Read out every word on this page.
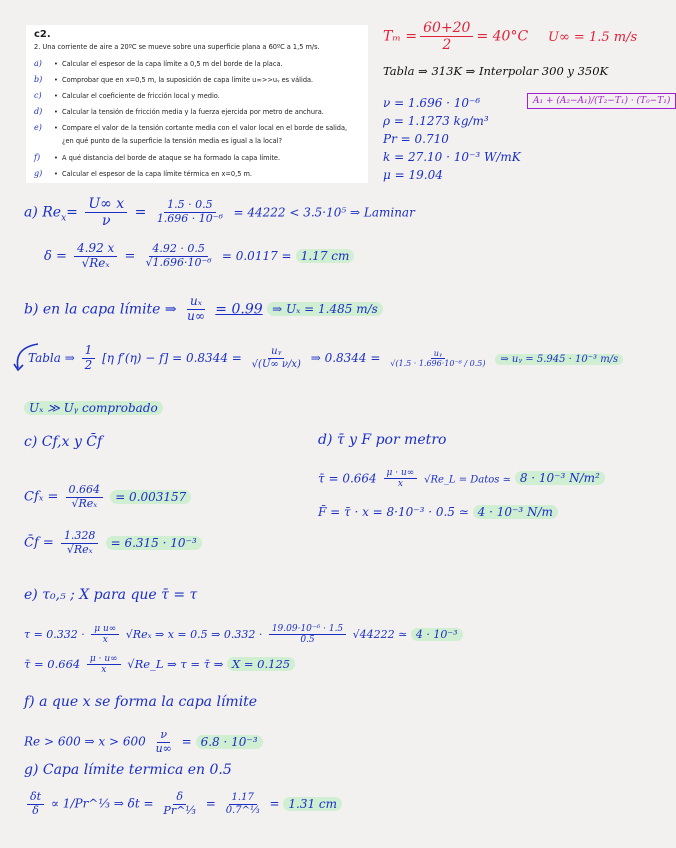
c2.
2. Una corriente de aire a 20ºC se mueve sobre una superficie plana a 60ºC a 1,5 m/s.
a) • Calcular el espesor de la capa límite a 0,5 m del borde de la placa.
b) • Comprobar que en x=0,5 m, la suposición de capa límite u∞>>uᵧ es válida.
c) • Calcular el coeficiente de fricción local y medio.
d) • Calcular la tensión de fricción media y la fuerza ejercida por metro de anchura.
e) • Compare el valor de la tensión cortante media con el valor local en el borde de salida,
¿en qué punto de la superficie la tensión media es igual a la local?
f) • A qué distancia del borde de ataque se ha formado la capa límite.
g) • Calcular el espesor de la capa límite térmica en x=0,5 m.
$T_m = \frac{60+20}{2} = 40^\circ C$ U∞ = 1.5 m/s
Tabla ⇒ 313K ⇒ Interpolar 300 y 350K
ν = 1.696 · 10⁻⁶
ρ = 1.1273 kg/m³
Pr = 0.710
k = 27.10 · 10⁻³ W/mK
μ = 19.04
A₁ + (A₂−A₁)/(T₂−T₁) · (T₀−T₁)
a) $Re_x= \frac{U\infty x}{\nu} = \frac{1.5 \cdot 0.5}{\text{1.696 · 10⁻⁶}} = 44222 < 3.5\cdot 10^5$ ⇒ Laminar
$\delta = \frac{4.92 x}{\text{√Reₓ}} = \frac{4.92 \cdot 0.5}{\text{√1.696·10⁻⁶}} = 0.0117 = 1.17$ cm
b) en la capa límite ⇒ $\frac{\text{uₓ}}{u\infty} = 0.99$ ⇒ Uₓ = 1.485 m/s
Tabla ⇒ $\frac{1}{2} [\eta$ $f'(\eta) - f] = 0.8344 = \frac{\text{uᵧ}}{√(U\infty \nu/x)}$ ⇒ $0.8344 = \frac{\text{uᵧ}}{\text{√(1.5 · 1.696·10⁻⁶ / 0.5)}}$ ⇒ uᵧ = 5.945 · 10⁻³ m/s
Uₓ ≫ Uᵧ comprobado
c) Cf,x y C̄f
$Cf_x = \frac{0.664}{\text{√Reₓ}} = 0.003157$
C̄f = $\frac{1.328}{\text{√Reₓ}} = 6.315 \cdot 10^{-3}$
d) τ̄ y F por metro
τ̄ = $0.664 \frac{\mu \cdot u\infty}{x}$ √Re_L = Datos ≃ 8 · 10⁻³ N/m²
F̄ = τ̄ · x = 8·10⁻³ · 0.5 ≃ 4 · 10⁻³ N/m
e) τ₀,₅ ; X para que τ̄ = τ
$\tau = 0.332 \cdot \frac{\text{μ u∞}}{x} √Re_x$ ⇒ x = 0.5 ⇒ $0.332 \cdot \frac{\text{19.09·10⁻⁶ · 1.5}}{0.5} √44222$ ≃ 4 · 10⁻³
τ̄ = $0.664 \frac{\mu \cdot u\infty}{x}$ √Re_L ⇒ τ = τ̄ ⇒ X = 0.125
f) a que x se forma la capa límite
Re > 600 ⇒ $x > 600 \frac{\nu}{u\infty} = 6.8 \cdot 10^{-3}$
g) Capa límite termica en 0.5
$\frac{\delta t}{\delta}$ ∝ 1/Pr^⅓ ⇒ $\delta t = \frac{\delta}{\text{Pr\textasciicircum{}⅓}} = \frac{1.17}{\text{0.7\textasciicircum{}⅓}} = 1.31$ cm
